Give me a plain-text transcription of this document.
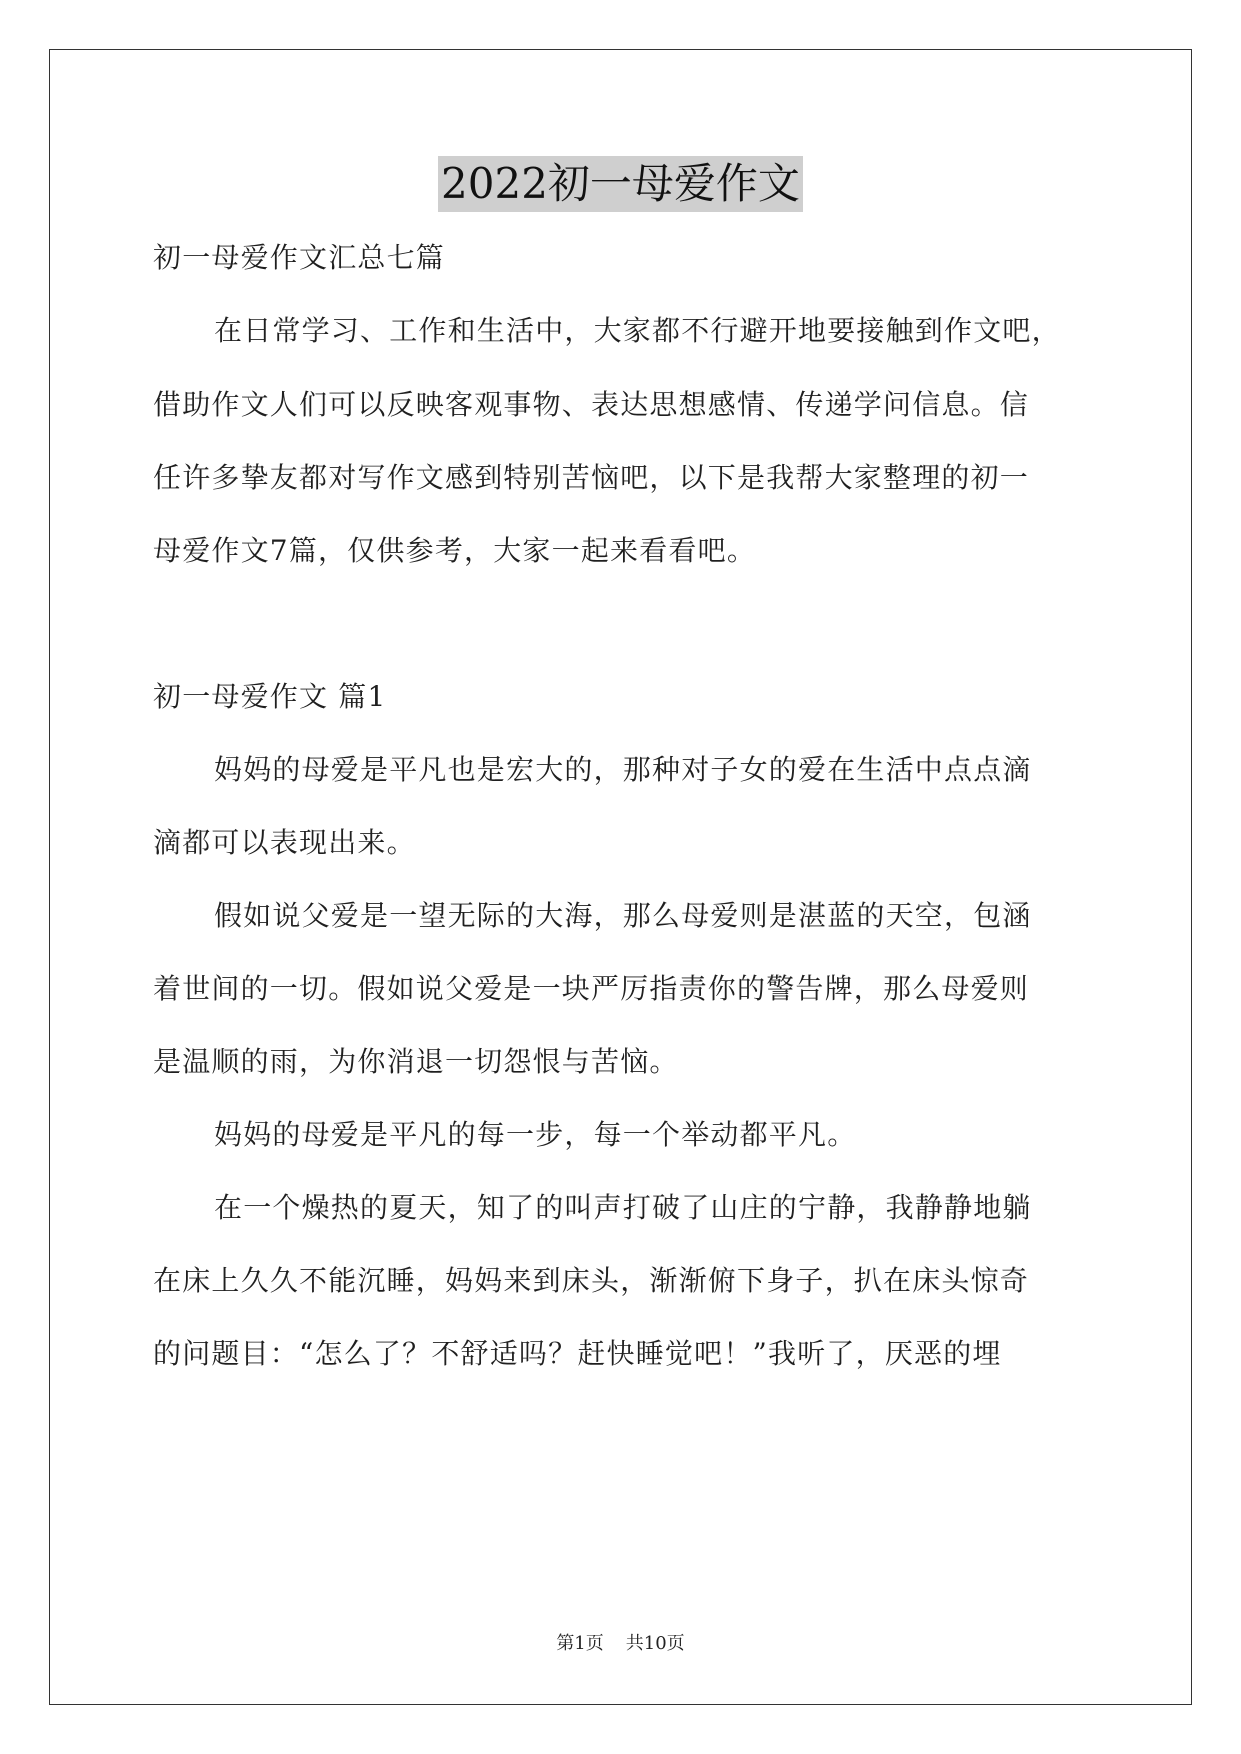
2022初一母爱作文
初一母爱作文汇总七篇
在日常学习、工作和生活中，大家都不行避开地要接触到作文吧，
借助作文人们可以反映客观事物、表达思想感情、传递学问信息。信
任许多挚友都对写作文感到特别苦恼吧，以下是我帮大家整理的初一
母爱作文7篇，仅供参考，大家一起来看看吧。
初一母爱作文 篇1
妈妈的母爱是平凡也是宏大的，那种对子女的爱在生活中点点滴
滴都可以表现出来。
假如说父爱是一望无际的大海，那么母爱则是湛蓝的天空，包涵
着世间的一切。假如说父爱是一块严厉指责你的警告牌，那么母爱则
是温顺的雨，为你消退一切怨恨与苦恼。
妈妈的母爱是平凡的每一步，每一个举动都平凡。
在一个燥热的夏天，知了的叫声打破了山庄的宁静，我静静地躺
在床上久久不能沉睡，妈妈来到床头，渐渐俯下身子，扒在床头惊奇
的问题目：“怎么了？不舒适吗？赶快睡觉吧！”我听了，厌恶的埋
第1页 共10页
